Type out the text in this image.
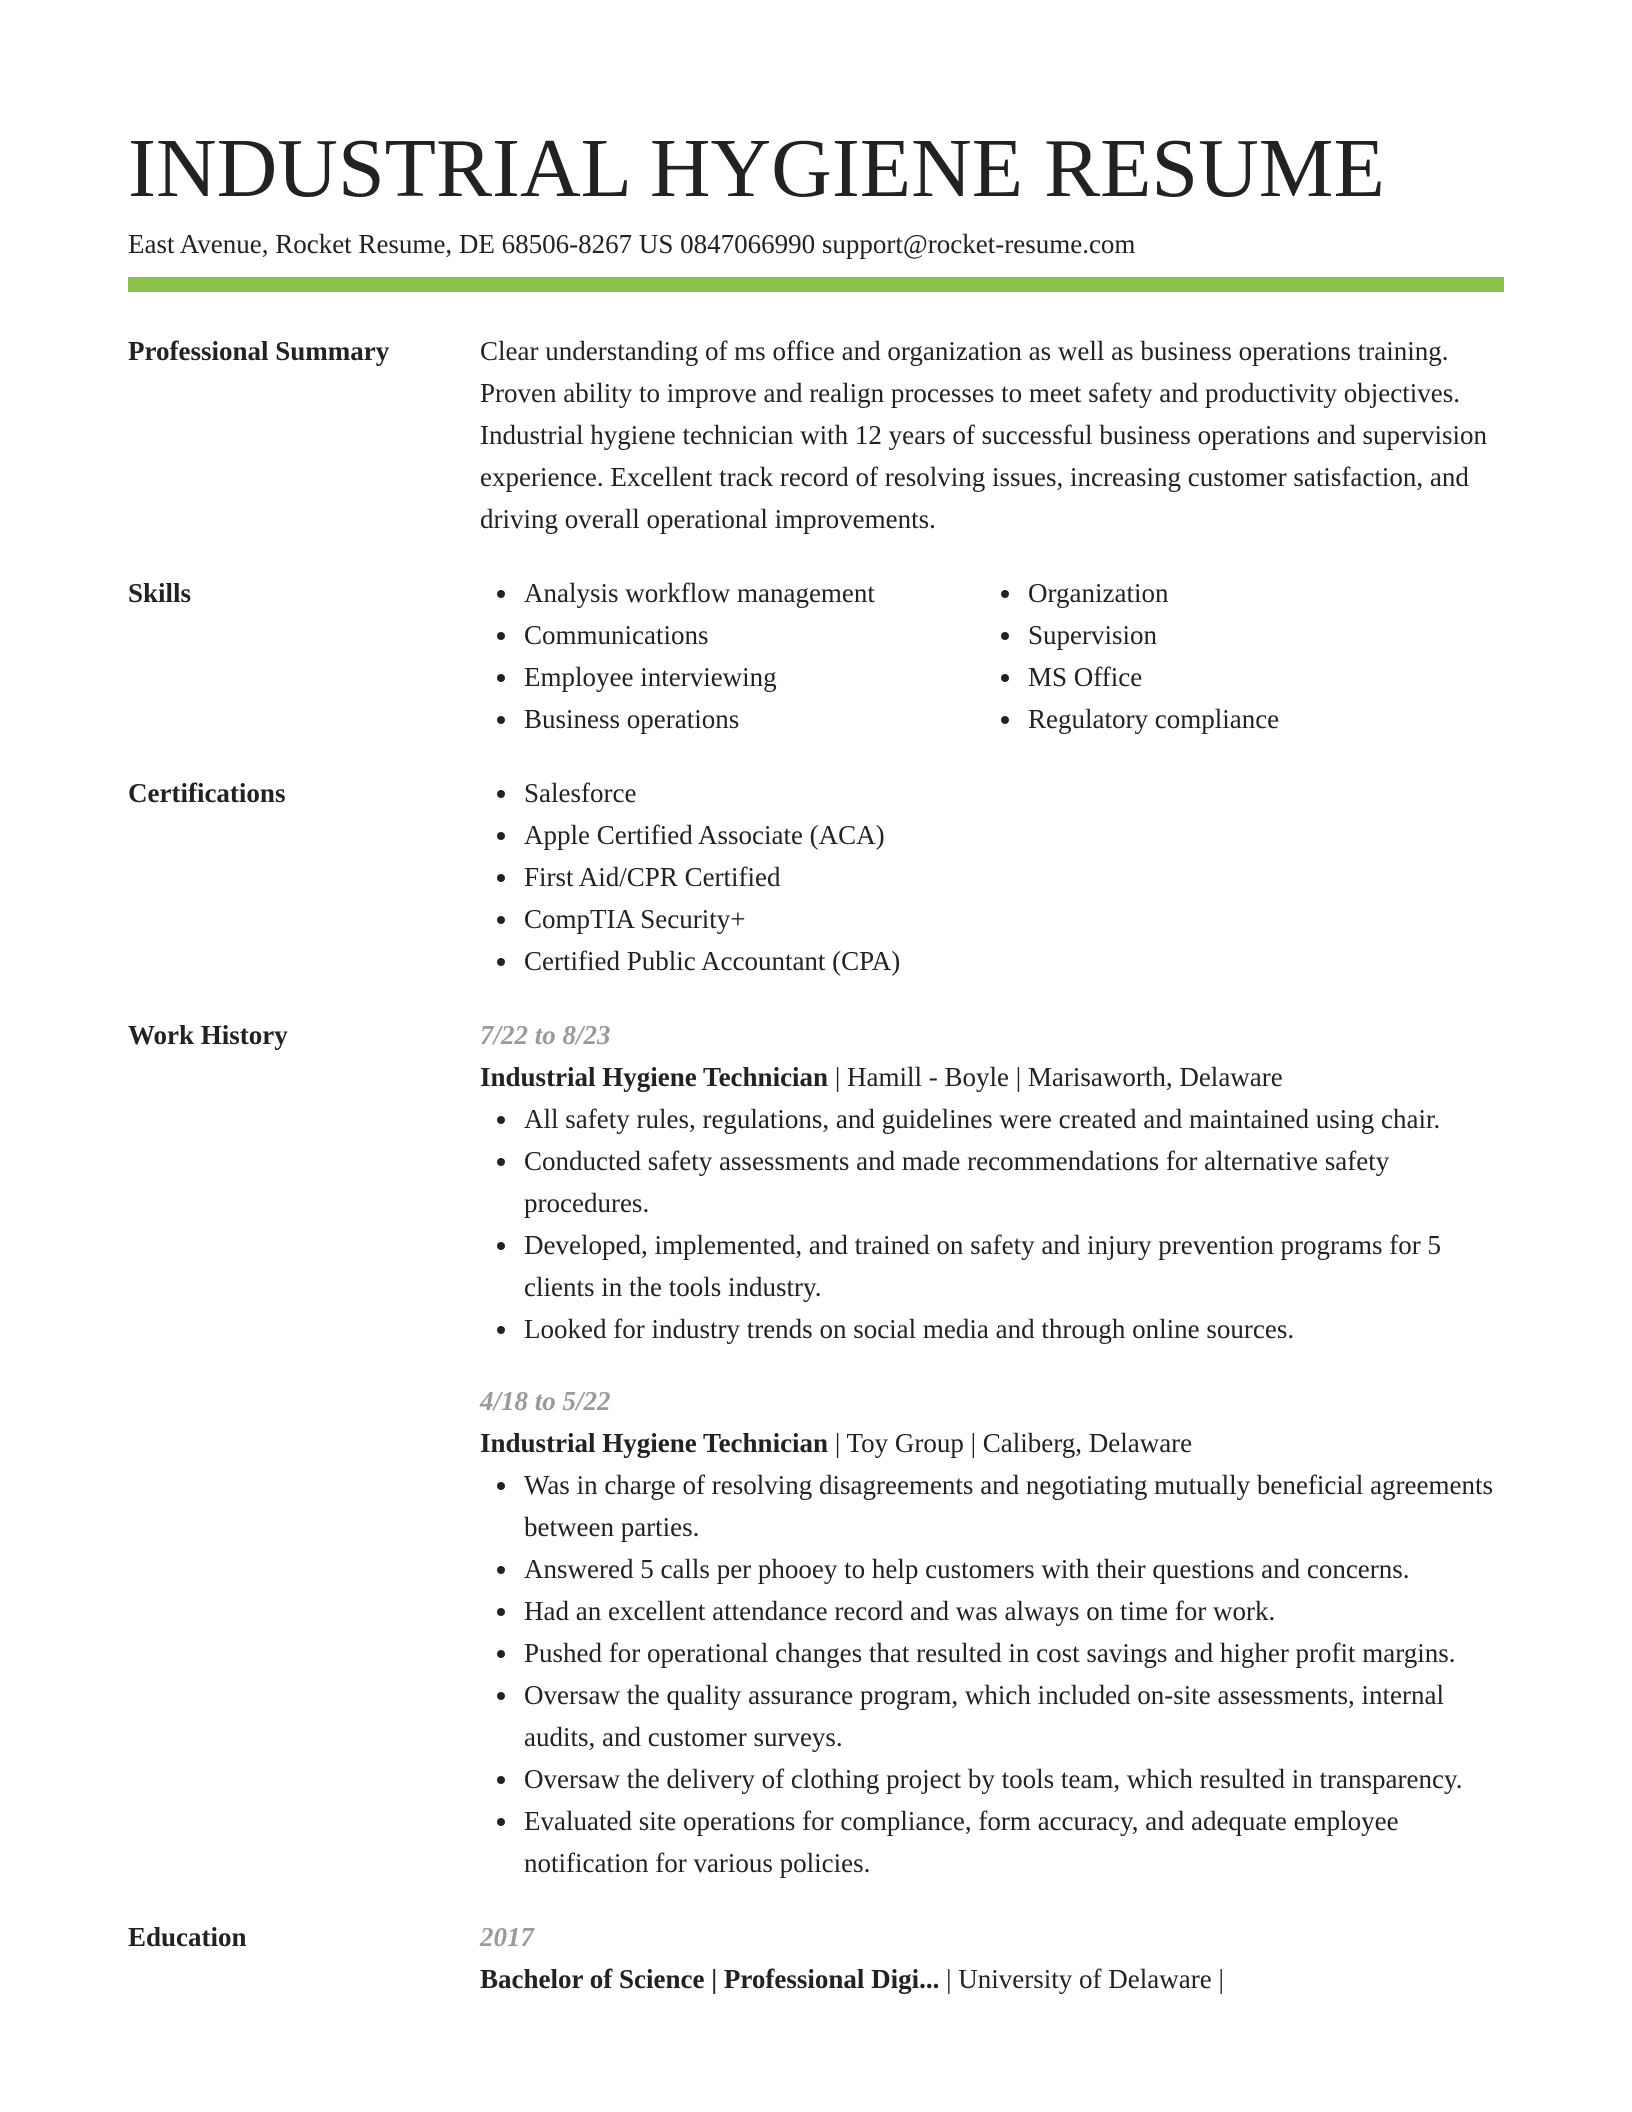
INDUSTRIAL HYGIENE RESUME
East Avenue, Rocket Resume, DE 68506-8267 US 0847066990 support@rocket-resume.com
Professional Summary	Clear understanding of ms office and organization as well as business operations training. Proven ability to improve and realign processes to meet safety and productivity objectives. Industrial hygiene technician with 12 years of successful business operations and supervision experience. Excellent track record of resolving issues, increasing customer satisfaction, and driving overall operational improvements.

Skills	Analysis workflow management
Communications
Employee interviewing
Business operations
Organization
Supervision
MS Office
Regulatory compliance
Certifications	Salesforce
Apple Certified Associate (ACA)
First Aid/CPR Certified
CompTIA Security+
Certified Public Accountant (CPA)
Work History	7/22 to 8/23
Industrial Hygiene Technician | Hamill - Boyle | Marisaworth, Delaware
All safety rules, regulations, and guidelines were created and maintained using chair.
Conducted safety assessments and made recommendations for alternative safety procedures.
Developed, implemented, and trained on safety and injury prevention programs for 5 clients in the tools industry.
Looked for industry trends on social media and through online sources.
4/18 to 5/22
Industrial Hygiene Technician | Toy Group | Caliberg, Delaware
Was in charge of resolving disagreements and negotiating mutually beneficial agreements between parties.
Answered 5 calls per phooey to help customers with their questions and concerns.
Had an excellent attendance record and was always on time for work.
Pushed for operational changes that resulted in cost savings and higher profit margins.
Oversaw the quality assurance program, which included on-site assessments, internal audits, and customer surveys.
Oversaw the delivery of clothing project by tools team, which resulted in transparency.
Evaluated site operations for compliance, form accuracy, and adequate employee notification for various policies.
Education	2017
Bachelor of Science | Professional Digi... | University of Delaware |
